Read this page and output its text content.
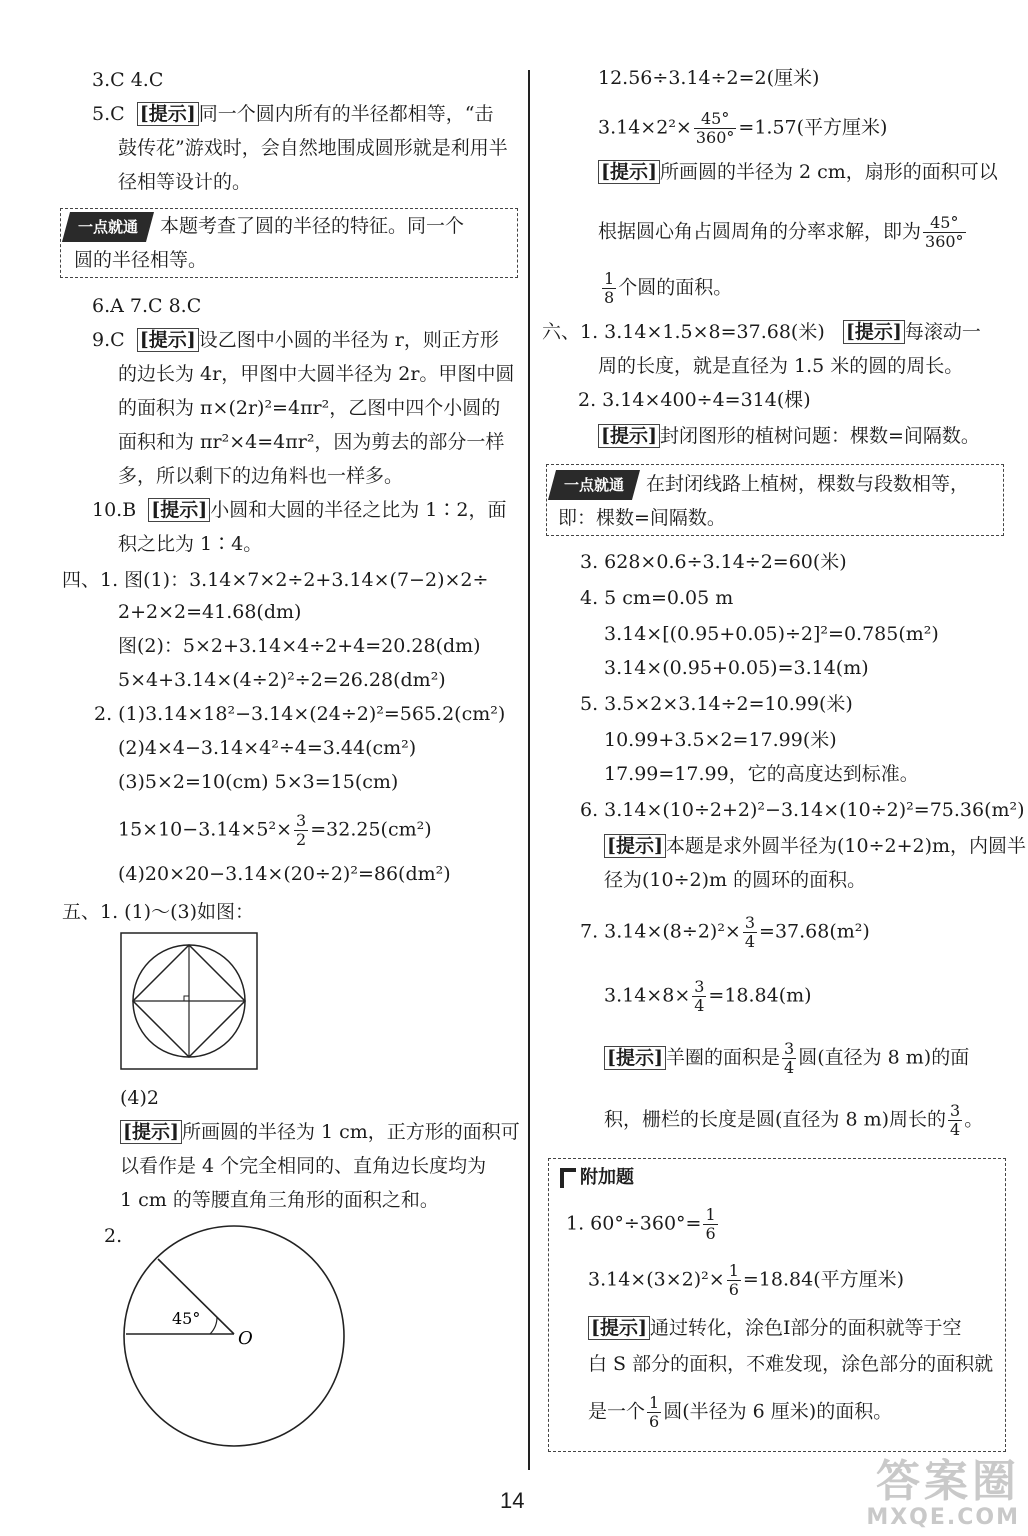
3.C 4.C
5.C [提示] 同一个圆内所有的半径都相等，“击
鼓传花”游戏时，会自然地围成圆形就是利用半
径相等设计的。
一点就通 本题考查了圆的半径的特征。同一个
圆的半径相等。
6.A 7.C 8.C
9.C [提示] 设乙图中小圆的半径为 r，则正方形
的边长为 4r，甲图中大圆半径为 2r。甲图中圆
的面积为 π×(2r)²=4πr²，乙图中四个小圆的
面积和为 πr²×4=4πr²，因为剪去的部分一样
多，所以剩下的边角料也一样多。
10.B [提示] 小圆和大圆的半径之比为 1∶2，面
积之比为 1∶4。
四、1. 图(1)：3.14×7×2÷2+3.14×(7−2)×2÷
2+2×2=41.68(dm)
图(2)：5×2+3.14×4÷2+4=20.28(dm)
5×4+3.14×(4÷2)²÷2=26.28(dm²)
2. (1)3.14×18²−3.14×(24÷2)²=565.2(cm²)
(2)4×4−3.14×4²÷4=3.44(cm²)
(3)5×2=10(cm) 5×3=15(cm)
$15\times 10-3.14\times 5^2\times \frac{3}{2} =32.25(cm^2)$
(4)20×20−3.14×(20÷2)²=86(dm²)
五、1. (1)～(3)如图：
(4)2
[提示] 所画圆的半径为 1 cm，正方形的面积可
以看作是 4 个完全相同的、直角边长度均为
1 cm 的等腰直角三角形的面积之和。
2.
45°
O
12.56÷3.14÷2=2(厘米)
$3.14\times 2^2\times \frac{45^\circ}{360^\circ} =1.57$(平方厘米)
[提示] 所画圆的半径为 2 cm，扇形的面积可以
根据圆心角占圆周角的分率求解，即为 $\frac{45^\circ}{360^\circ}$
$\frac{1}{8}$ 个圆的面积。
六、1. 3.14×1.5×8=37.68(米) [提示] 每滚动一
周的长度，就是直径为 1.5 米的圆的周长。
2. 3.14×400÷4=314(棵)
[提示] 封闭图形的植树问题：棵数=间隔数。
一点就通 在封闭线路上植树，棵数与段数相等，
即：棵数=间隔数。
3. 628×0.6÷3.14÷2=60(米)
4. 5 cm=0.05 m
3.14×[(0.95+0.05)÷2]²=0.785(m²)
3.14×(0.95+0.05)=3.14(m)
5. 3.5×2×3.14÷2=10.99(米)
10.99+3.5×2=17.99(米)
17.99=17.99，它的高度达到标准。
6. 3.14×(10÷2+2)²−3.14×(10÷2)²=75.36(m²)
[提示] 本题是求外圆半径为(10÷2+2)m，内圆半
径为(10÷2)m 的圆环的面积。
7. $3.14\times(8\div 2)^2\times \frac{3}{4} =37.68(m^2)$
$3.14\times 8\times \frac{3}{4} =18.84(m)$
[提示] 羊圈的面积是 $\frac{3}{4}$ 圆(直径为 8 m)的面
积，栅栏的长度是圆(直径为 8 m)周长的 $\frac{3}{4}$ 。
附加题
1. $60^\circ\div 360^\circ= \frac{1}{6}$
$3.14\times(3\times 2)^2\times \frac{1}{6} =18.84$(平方厘米)
[提示] 通过转化，涂色Ⅰ部分的面积就等于空
白 S 部分的面积，不难发现，涂色部分的面积就
是一个 $\frac{1}{6}$ 圆(半径为 6 厘米)的面积。
14	答案圈
MXQE.COM
